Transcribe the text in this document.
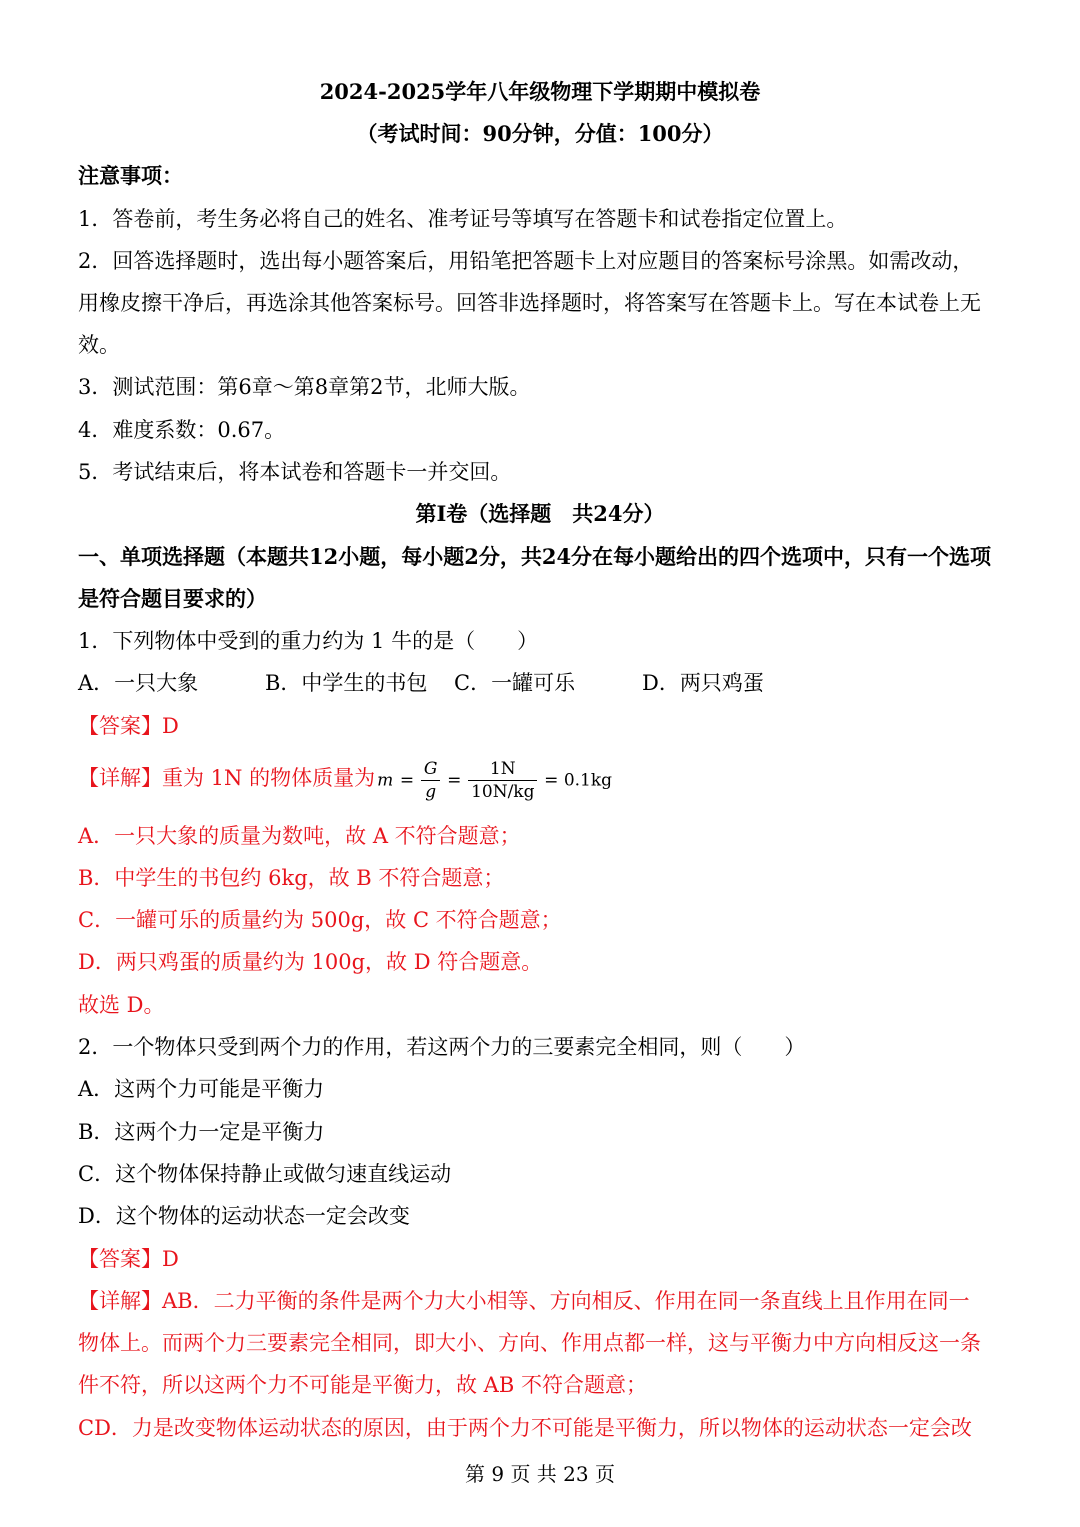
2024-2025学年八年级物理下学期期中模拟卷
（考试时间：90分钟，分值：100分）
注意事项：
1．答卷前，考生务必将自己的姓名、准考证号等填写在答题卡和试卷指定位置上。
2．回答选择题时，选出每小题答案后，用铅笔把答题卡上对应题目的答案标号涂黑。如需改动，
用橡皮擦干净后，再选涂其他答案标号。回答非选择题时，将答案写在答题卡上。写在本试卷上无
效。
3．测试范围：第6章～第8章第2节，北师大版。
4．难度系数：0.67。
5．考试结束后，将本试卷和答题卡一并交回。
第Ⅰ卷（选择题　共24分）
一、单项选择题（本题共12小题，每小题2分，共24分在每小题给出的四个选项中，只有一个选项
是符合题目要求的）
1．下列物体中受到的重力约为 1 牛的是（　　）
A．一只大象	B．中学生的书包 C．一罐可乐	D．两只鸡蛋
【答案】D
【详解】重为 1N 的物体质量为 $m = \frac{G}{g} = \frac{1N}{10N/kg} = 0.1kg$
A．一只大象的质量为数吨，故 A 不符合题意；
B．中学生的书包约 6kg，故 B 不符合题意；
C．一罐可乐的质量约为 500g，故 C 不符合题意；
D．两只鸡蛋的质量约为 100g，故 D 符合题意。
故选 D。
2．一个物体只受到两个力的作用，若这两个力的三要素完全相同，则（　　）
A．这两个力可能是平衡力
B．这两个力一定是平衡力
C．这个物体保持静止或做匀速直线运动
D．这个物体的运动状态一定会改变
【答案】D
【详解】AB．二力平衡的条件是两个力大小相等、方向相反、作用在同一条直线上且作用在同一
物体上。而两个力三要素完全相同，即大小、方向、作用点都一样，这与平衡力中方向相反这一条
件不符，所以这两个力不可能是平衡力，故 AB 不符合题意；
CD．力是改变物体运动状态的原因，由于两个力不可能是平衡力，所以物体的运动状态一定会改
第 9 页 共 23 页
